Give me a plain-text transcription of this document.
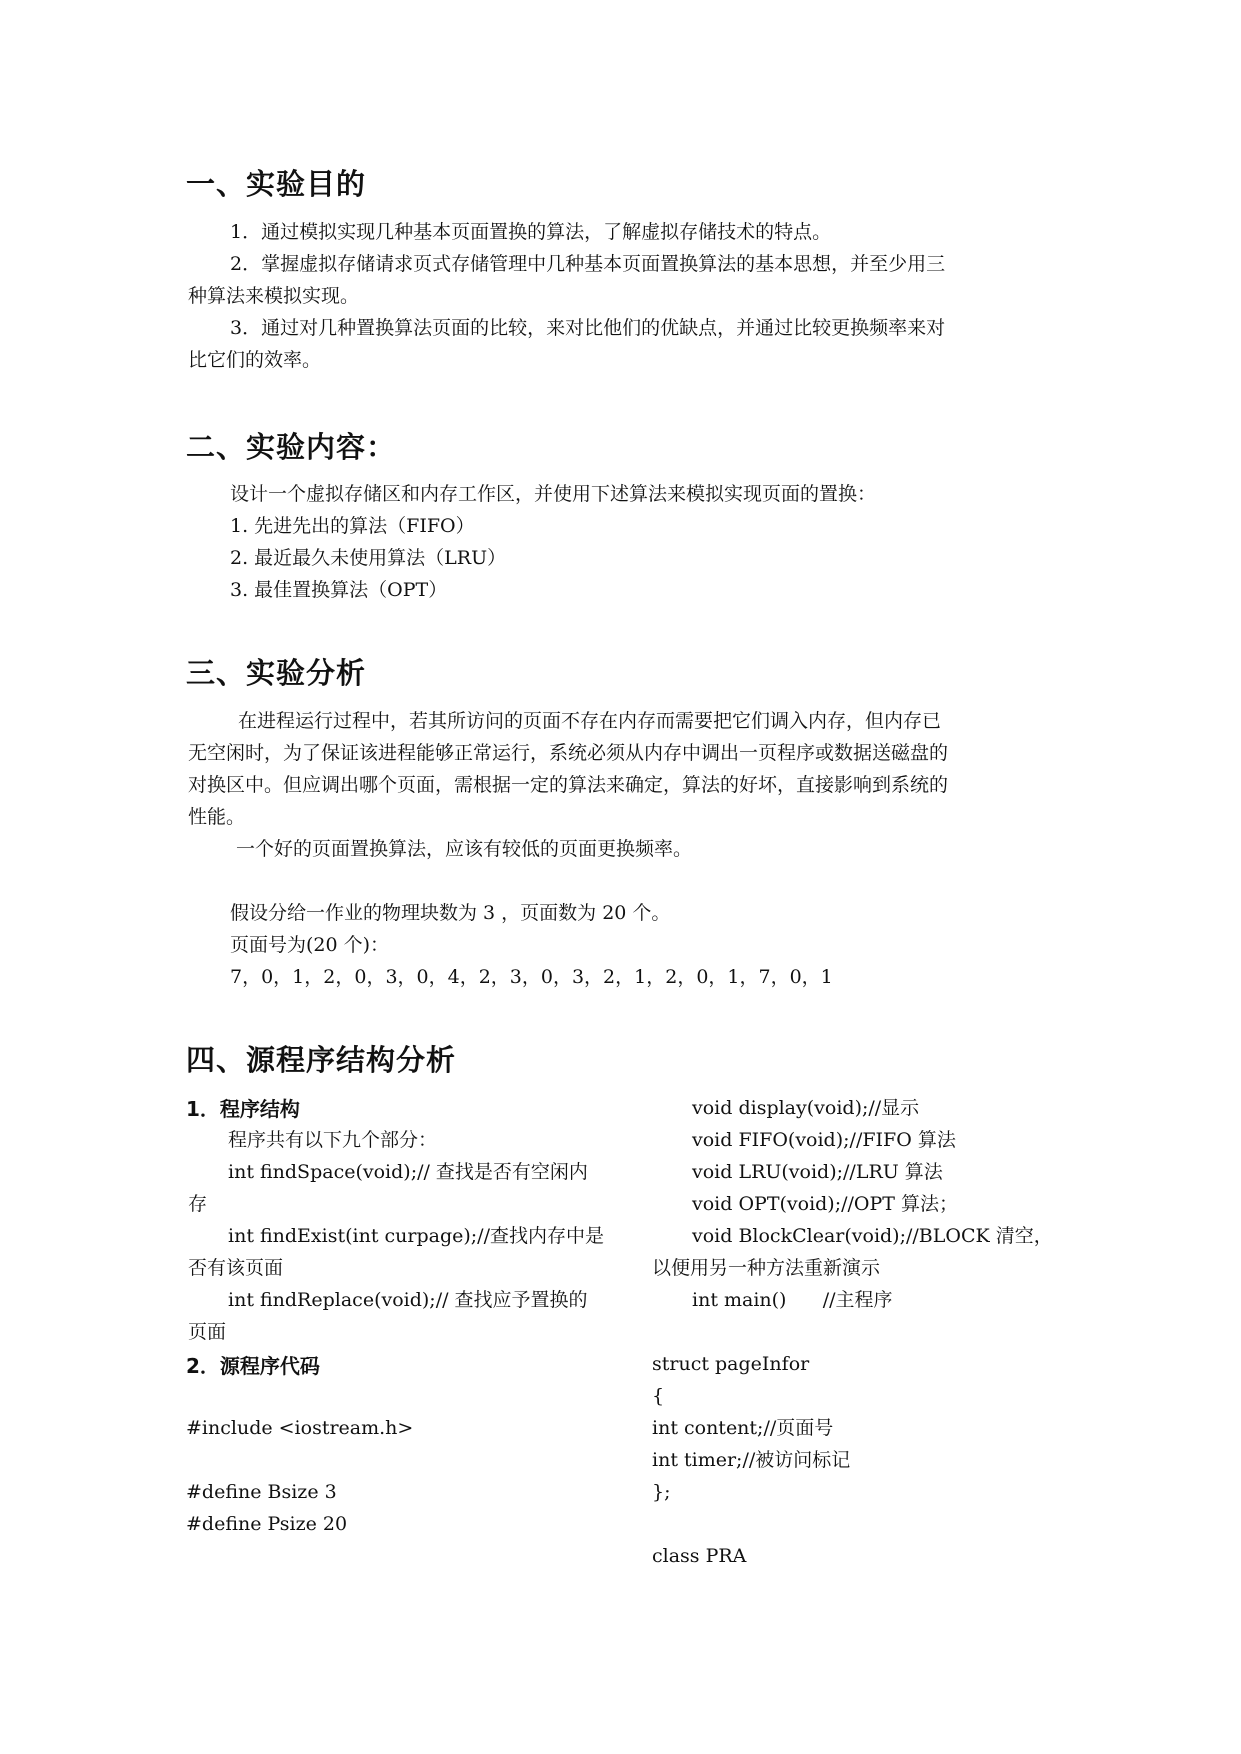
一、实验目的
1．通过模拟实现几种基本页面置换的算法，了解虚拟存储技术的特点。
2．掌握虚拟存储请求页式存储管理中几种基本页面置换算法的基本思想，并至少用三
种算法来模拟实现。
3．通过对几种置换算法页面的比较，来对比他们的优缺点，并通过比较更换频率来对
比它们的效率。
二、实验内容：
设计一个虚拟存储区和内存工作区，并使用下述算法来模拟实现页面的置换：
1. 先进先出的算法（FIFO）
2. 最近最久未使用算法（LRU）
3. 最佳置换算法（OPT）
三、实验分析
在进程运行过程中，若其所访问的页面不存在内存而需要把它们调入内存，但内存已
无空闲时，为了保证该进程能够正常运行，系统必须从内存中调出一页程序或数据送磁盘的
对换区中。但应调出哪个页面，需根据一定的算法来确定，算法的好坏，直接影响到系统的
性能。
一个好的页面置换算法，应该有较低的页面更换频率。
假设分给一作业的物理块数为 3 ，页面数为 20 个。
页面号为(20 个)：
7，0，1，2，0，3，0，4，2，3，0，3，2，1，2，0，1，7，0，1
四、源程序结构分析
1．程序结构
程序共有以下九个部分：
int findSpace(void);// 查找是否有空闲内
存
int findExist(int curpage);//查找内存中是
否有该页面
int findReplace(void);// 查找应予置换的
页面
void display(void);//显示
void FIFO(void);//FIFO 算法
void LRU(void);//LRU 算法
void OPT(void);//OPT 算法；
void BlockClear(void);//BLOCK 清空，
以便用另一种方法重新演示
int main()      //主程序
2．源程序代码
#include <iostream.h>
#define Bsize 3
#define Psize 20
struct pageInfor
{
int content;//页面号
int timer;//被访问标记
};
class PRA
